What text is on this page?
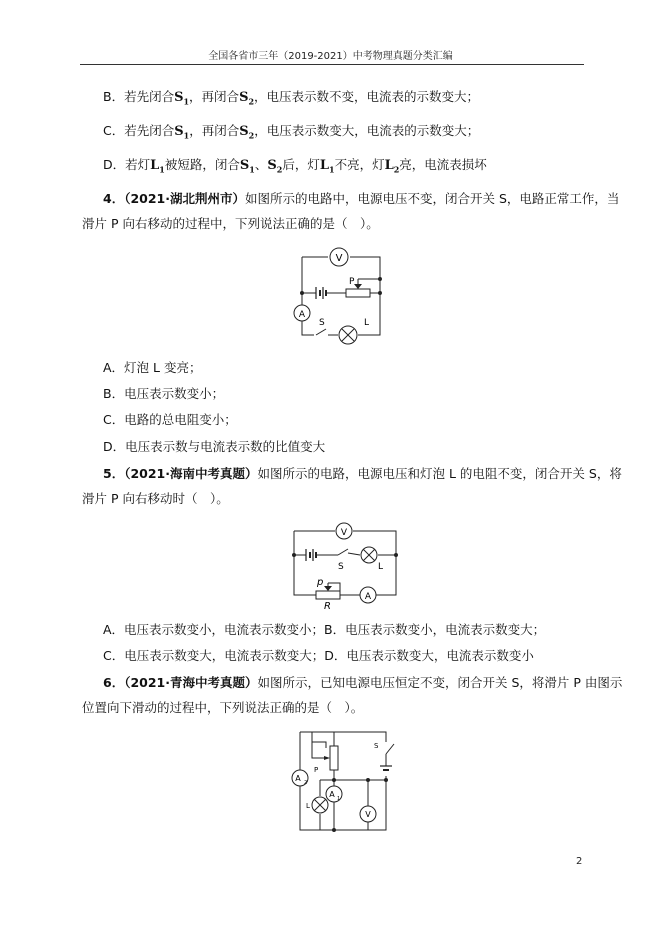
全国各省市三年（2019-2021）中考物理真题分类汇编
B．若先闭合$S_1$，再闭合$S_2$，电压表示数不变，电流表的示数变大；
C．若先闭合$S_1$，再闭合$S_2$，电压表示数变大，电流表的示数变大；
D．若灯$L_1$被短路，闭合$S_1$、$S_2$后，灯$L_1$不亮，灯$L_2$亮，电流表损坏
4．（2021·湖北荆州市）如图所示的电路中，电源电压不变，闭合开关 S，电路正常工作，当
滑片 P 向右移动的过程中，下列说法正确的是（　）。
V
A
P
S	L
A．灯泡 L 变亮；
B．电压表示数变小；
C．电路的总电阻变小；
D．电压表示数与电流表示数的比值变大
5．（2021·海南中考真题）如图所示的电路，电源电压和灯泡 L 的电阻不变，闭合开关 S，将
滑片 P 向右移动时（　）。
V
A
S	L
p
R
A．电压表示数变小，电流表示数变小；B．电压表示数变小，电流表示数变大；
C．电压表示数变大，电流表示数变大；D．电压表示数变大，电流表示数变小
6．（2021·青海中考真题）如图所示，已知电源电压恒定不变，闭合开关 S，将滑片 P 由图示
位置向下滑动的过程中，下列说法正确的是（　）。
A 2
A 1
V
P
S
L
2
